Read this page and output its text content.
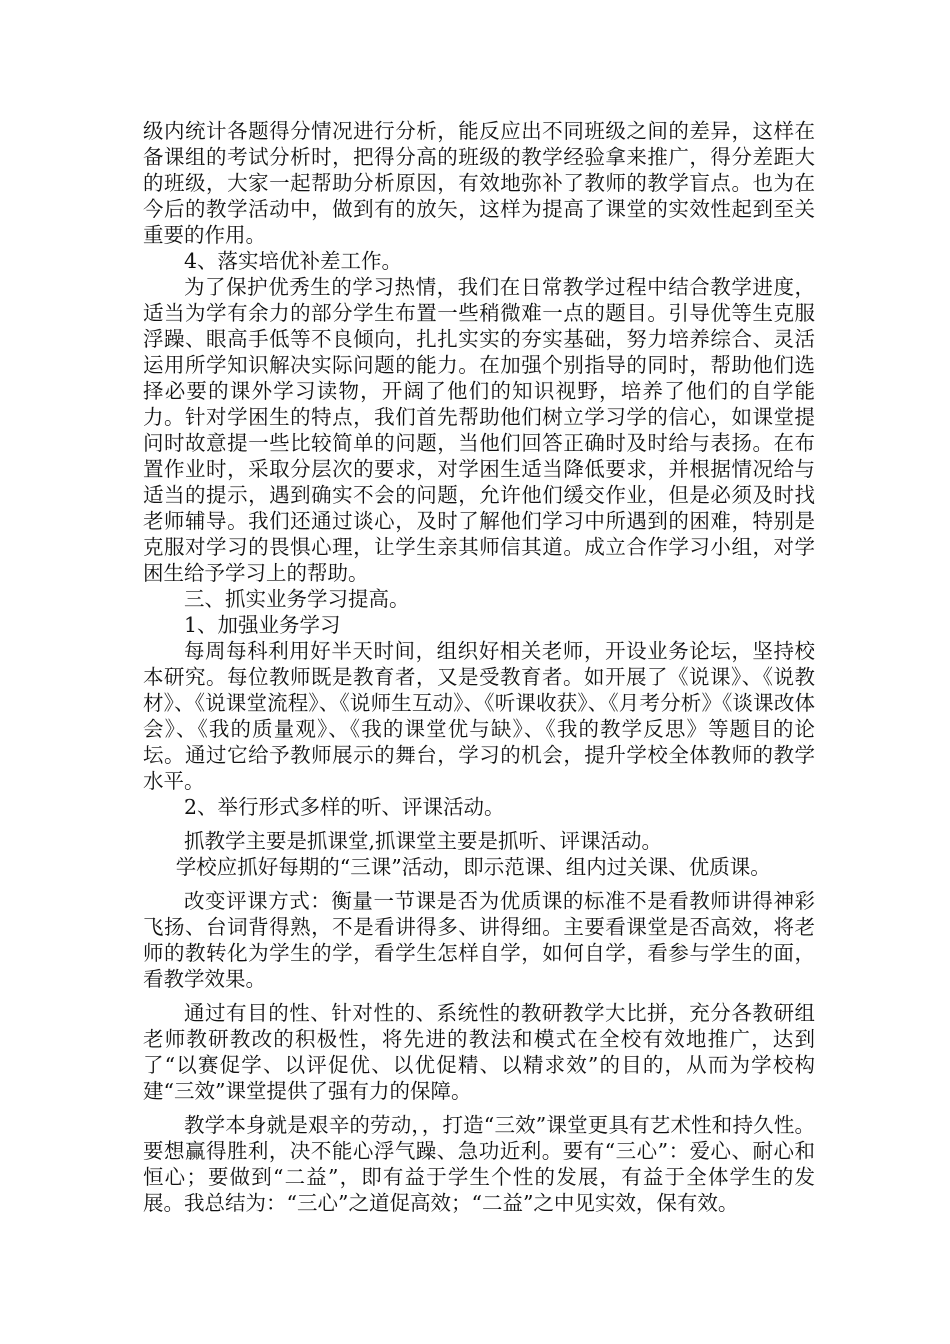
级内统计各题得分情况进行分析，能反应出不同班级之间的差异，这样在备课组的考试分析时，把得分高的班级的教学经验拿来推广，得分差距大的班级，大家一起帮助分析原因，有效地弥补了教师的教学盲点。也为在今后的教学活动中，做到有的放矢，这样为提高了课堂的实效性起到至关重要的作用。

4、落实培优补差工作。

为了保护优秀生的学习热情，我们在日常教学过程中结合教学进度，适当为学有余力的部分学生布置一些稍微难一点的题目。引导优等生克服浮躁、眼高手低等不良倾向，扎扎实实的夯实基础，努力培养综合、灵活运用所学知识解决实际问题的能力。在加强个别指导的同时，帮助他们选择必要的课外学习读物，开阔了他们的知识视野，培养了他们的自学能力。针对学困生的特点，我们首先帮助他们树立学习学的信心，如课堂提问时故意提一些比较简单的问题，当他们回答正确时及时给与表扬。在布置作业时，采取分层次的要求，对学困生适当降低要求，并根据情况给与适当的提示，遇到确实不会的问题，允许他们缓交作业，但是必须及时找老师辅导。我们还通过谈心，及时了解他们学习中所遇到的困难，特别是克服对学习的畏惧心理，让学生亲其师信其道。成立合作学习小组，对学困生给予学习上的帮助。

三、抓实业务学习提高。

1、加强业务学习

每周每科利用好半天时间，组织好相关老师，开设业务论坛，坚持校本研究。每位教师既是教育者，又是受教育者。如开展了《说课》、《说教材》、《说课堂流程》、《说师生互动》、《听课收获》、《月考分析》《谈课改体会》、《我的质量观》、《我的课堂优与缺》、《我的教学反思》等题目的论坛。通过它给予教师展示的舞台，学习的机会，提升学校全体教师的教学水平。

2、举行形式多样的听、评课活动。

抓教学主要是抓课堂,抓课堂主要是抓听、评课活动。

学校应抓好每期的“三课”活动，即示范课、组内过关课、优质课。

改变评课方式：衡量一节课是否为优质课的标准不是看教师讲得神彩飞扬、台词背得熟，不是看讲得多、讲得细。主要看课堂是否高效，将老师的教转化为学生的学，看学生怎样自学，如何自学，看参与学生的面，看教学效果。

通过有目的性、针对性的、系统性的教研教学大比拼，充分各教研组老师教研教改的积极性，将先进的教法和模式在全校有效地推广，达到了“以赛促学、以评促优、以优促精、以精求效”的目的，从而为学校构建“三效”课堂提供了强有力的保障。

教学本身就是艰辛的劳动，，打造“三效”课堂更具有艺术性和持久性。要想赢得胜利，决不能心浮气躁、急功近利。要有“三心”：爱心、耐心和恒心；要做到“二益”，即有益于学生个性的发展，有益于全体学生的发展。我总结为：“三心”之道促高效；“二益”之中见实效，保有效。
